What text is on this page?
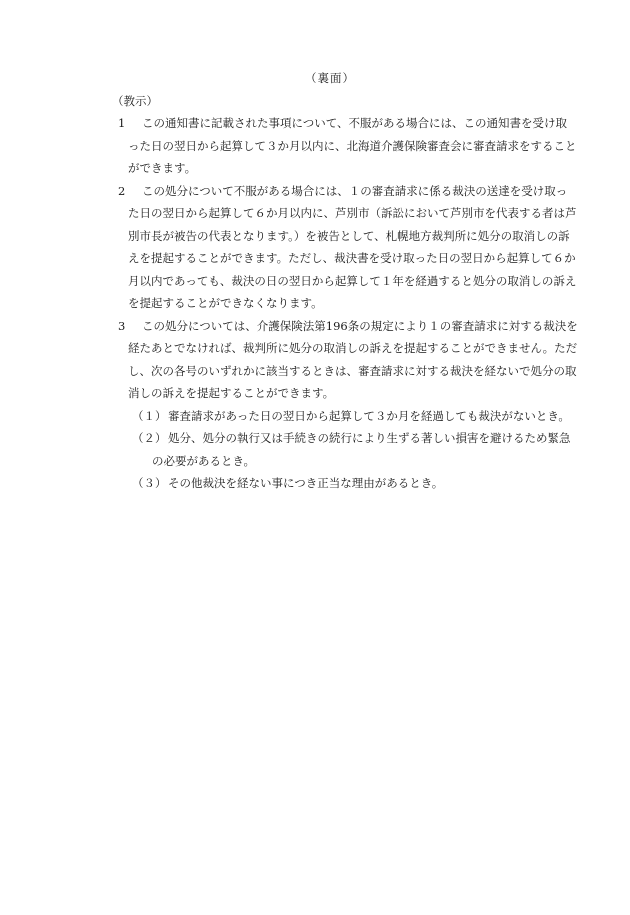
（裏面）
（教示）

1 この通知書に記載された事項について、不服がある場合には、この通知書を受け取った日の翌日から起算して３か月以内に、北海道介護保険審査会に審査請求をすることができます。

2 この処分について不服がある場合には、１の審査請求に係る裁決の送達を受け取った日の翌日から起算して６か月以内に、芦別市（訴訟において芦別市を代表する者は芦別市長が被告の代表となります。）を被告として、札幌地方裁判所に処分の取消しの訴えを提起することができます。ただし、裁決書を受け取った日の翌日から起算して６か月以内であっても、裁決の日の翌日から起算して１年を経過すると処分の取消しの訴えを提起することができなくなります。

3 この処分については、介護保険法第196条の規定により１の審査請求に対する裁決を経たあとでなければ、裁判所に処分の取消しの訴えを提起することができません。ただし、次の各号のいずれかに該当するときは、審査請求に対する裁決を経ないで処分の取消しの訴えを提起することができます。

（１） 審査請求があった日の翌日から起算して３か月を経過しても裁決がないとき。

（２） 処分、処分の執行又は手続きの続行により生ずる著しい損害を避けるため緊急の必要があるとき。

（３） その他裁決を経ない事につき正当な理由があるとき。
